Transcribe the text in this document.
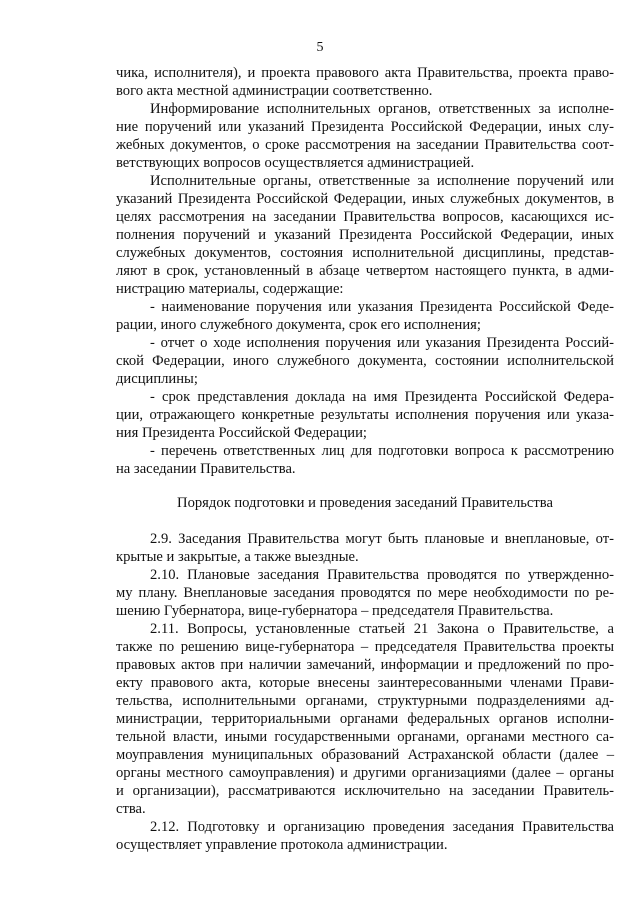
5
чика, исполнителя), и проекта правового акта Правительства, проекта право-
вого акта местной администрации соответственно.
Информирование исполнительных органов, ответственных за исполне-
ние поручений или указаний Президента Российской Федерации, иных слу-
жебных документов, о сроке рассмотрения на заседании Правительства соот-
ветствующих вопросов осуществляется администрацией.
Исполнительные органы, ответственные за исполнение поручений или
указаний Президента Российской Федерации, иных служебных документов, в
целях рассмотрения на заседании Правительства вопросов, касающихся ис-
полнения поручений и указаний Президента Российской Федерации, иных
служебных документов, состояния исполнительной дисциплины, представ-
ляют в срок, установленный в абзаце четвертом настоящего пункта, в адми-
нистрацию материалы, содержащие:
- наименование поручения или указания Президента Российской Феде-
рации, иного служебного документа, срок его исполнения;
- отчет о ходе исполнения поручения или указания Президента Россий-
ской Федерации, иного служебного документа, состоянии исполнительской
дисциплины;
- срок представления доклада на имя Президента Российской Федера-
ции, отражающего конкретные результаты исполнения поручения или указа-
ния Президента Российской Федерации;
- перечень ответственных лиц для подготовки вопроса к рассмотрению
на заседании Правительства.
Порядок подготовки и проведения заседаний Правительства
2.9. Заседания Правительства могут быть плановые и внеплановые, от-
крытые и закрытые, а также выездные.
2.10. Плановые заседания Правительства проводятся по утвержденно-
му плану. Внеплановые заседания проводятся по мере необходимости по ре-
шению Губернатора, вице-губернатора – председателя Правительства.
2.11. Вопросы, установленные статьей 21 Закона о Правительстве, а
также по решению вице-губернатора – председателя Правительства проекты
правовых актов при наличии замечаний, информации и предложений по про-
екту правового акта, которые внесены заинтересованными членами Прави-
тельства, исполнительными органами, структурными подразделениями ад-
министрации, территориальными органами федеральных органов исполни-
тельной власти, иными государственными органами, органами местного са-
моуправления муниципальных образований Астраханской области (далее –
органы местного самоуправления) и другими организациями (далее – органы
и организации), рассматриваются исключительно на заседании Правитель-
ства.
2.12. Подготовку и организацию проведения заседания Правительства
осуществляет управление протокола администрации.
